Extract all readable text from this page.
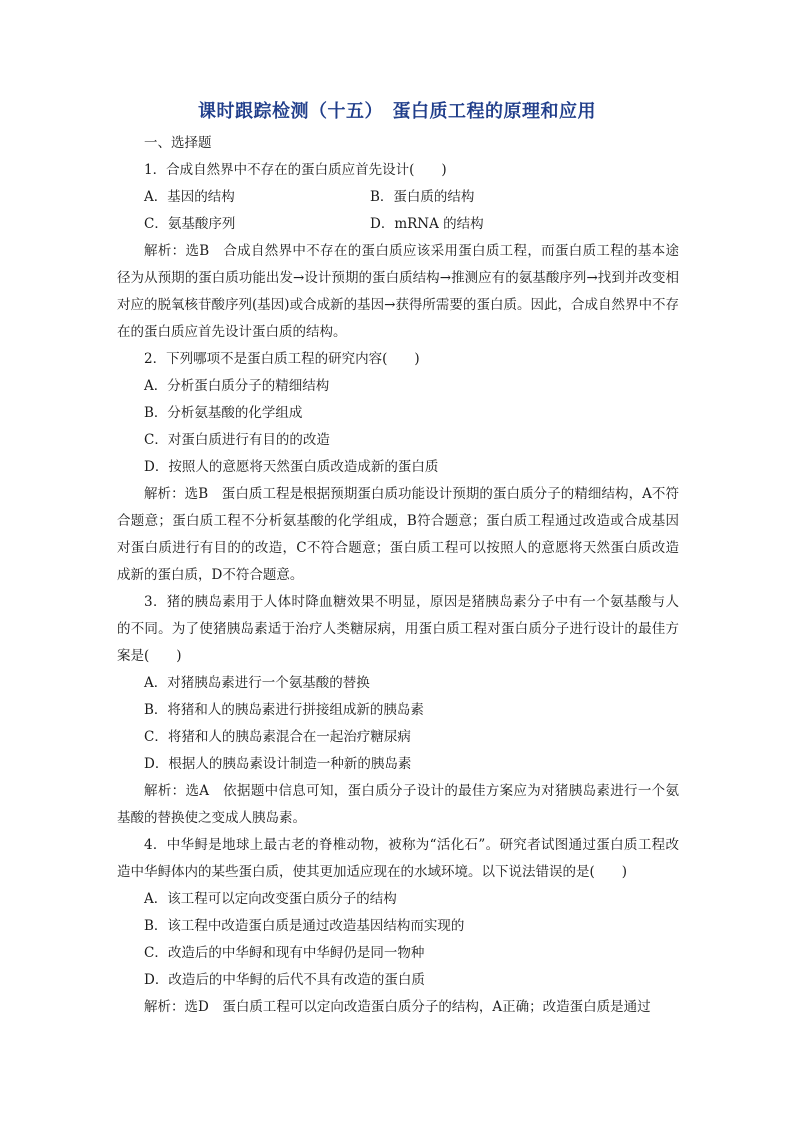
课时跟踪检测（十五）　蛋白质工程的原理和应用
一、选择题
1．合成自然界中不存在的蛋白质应首先设计(　　)
A．基因的结构	B．蛋白质的结构
C．氨基酸序列	D．mRNA 的结构
解析：选B　合成自然界中不存在的蛋白质应该采用蛋白质工程，而蛋白质工程的基本途径为从预期的蛋白质功能出发→设计预期的蛋白质结构→推测应有的氨基酸序列→找到并改变相对应的脱氧核苷酸序列(基因)或合成新的基因→获得所需要的蛋白质。因此，合成自然界中不存在的蛋白质应首先设计蛋白质的结构。
2．下列哪项不是蛋白质工程的研究内容(　　)
A．分析蛋白质分子的精细结构
B．分析氨基酸的化学组成
C．对蛋白质进行有目的的改造
D．按照人的意愿将天然蛋白质改造成新的蛋白质
解析：选B　蛋白质工程是根据预期蛋白质功能设计预期的蛋白质分子的精细结构，A不符合题意；蛋白质工程不分析氨基酸的化学组成，B符合题意；蛋白质工程通过改造或合成基因对蛋白质进行有目的的改造，C不符合题意；蛋白质工程可以按照人的意愿将天然蛋白质改造成新的蛋白质，D不符合题意。
3．猪的胰岛素用于人体时降血糖效果不明显，原因是猪胰岛素分子中有一个氨基酸与人的不同。为了使猪胰岛素适于治疗人类糖尿病，用蛋白质工程对蛋白质分子进行设计的最佳方案是(　　)
A．对猪胰岛素进行一个氨基酸的替换
B．将猪和人的胰岛素进行拼接组成新的胰岛素
C．将猪和人的胰岛素混合在一起治疗糖尿病
D．根据人的胰岛素设计制造一种新的胰岛素
解析：选A　依据题中信息可知，蛋白质分子设计的最佳方案应为对猪胰岛素进行一个氨基酸的替换使之变成人胰岛素。
4．中华鲟是地球上最古老的脊椎动物，被称为“活化石”。研究者试图通过蛋白质工程改造中华鲟体内的某些蛋白质，使其更加适应现在的水域环境。以下说法错误的是(　　)
A．该工程可以定向改变蛋白质分子的结构
B．该工程中改造蛋白质是通过改造基因结构而实现的
C．改造后的中华鲟和现有中华鲟仍是同一物种
D．改造后的中华鲟的后代不具有改造的蛋白质
解析：选D　蛋白质工程可以定向改造蛋白质分子的结构，A正确；改造蛋白质是通过
